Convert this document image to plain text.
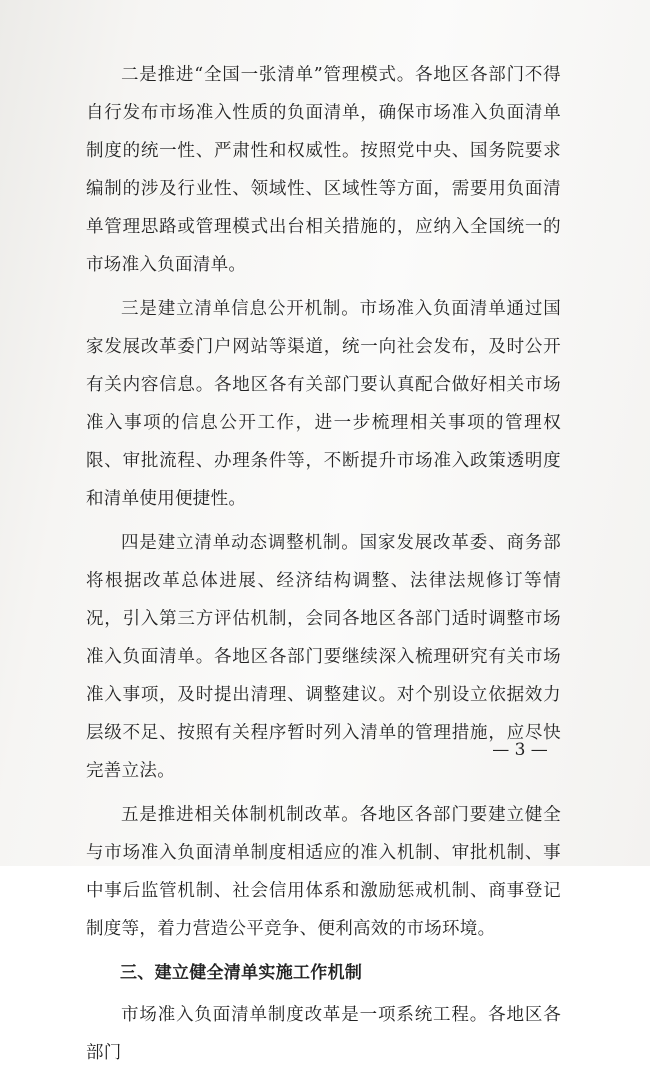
二是推进“全国一张清单”管理模式。各地区各部门不得自行发布市场准入性质的负面清单，确保市场准入负面清单制度的统一性、严肃性和权威性。按照党中央、国务院要求编制的涉及行业性、领域性、区域性等方面，需要用负面清单管理思路或管理模式出台相关措施的，应纳入全国统一的市场准入负面清单。

三是建立清单信息公开机制。市场准入负面清单通过国家发展改革委门户网站等渠道，统一向社会发布，及时公开有关内容信息。各地区各有关部门要认真配合做好相关市场准入事项的信息公开工作，进一步梳理相关事项的管理权限、审批流程、办理条件等，不断提升市场准入政策透明度和清单使用便捷性。

四是建立清单动态调整机制。国家发展改革委、商务部将根据改革总体进展、经济结构调整、法律法规修订等情况，引入第三方评估机制，会同各地区各部门适时调整市场准入负面清单。各地区各部门要继续深入梳理研究有关市场准入事项，及时提出清理、调整建议。对个别设立依据效力层级不足、按照有关程序暂时列入清单的管理措施，应尽快完善立法。

五是推进相关体制机制改革。各地区各部门要建立健全与市场准入负面清单制度相适应的准入机制、审批机制、事中事后监管机制、社会信用体系和激励惩戒机制、商事登记制度等，着力营造公平竞争、便利高效的市场环境。

三、建立健全清单实施工作机制

市场准入负面清单制度改革是一项系统工程。各地区各部门

— 3 —
